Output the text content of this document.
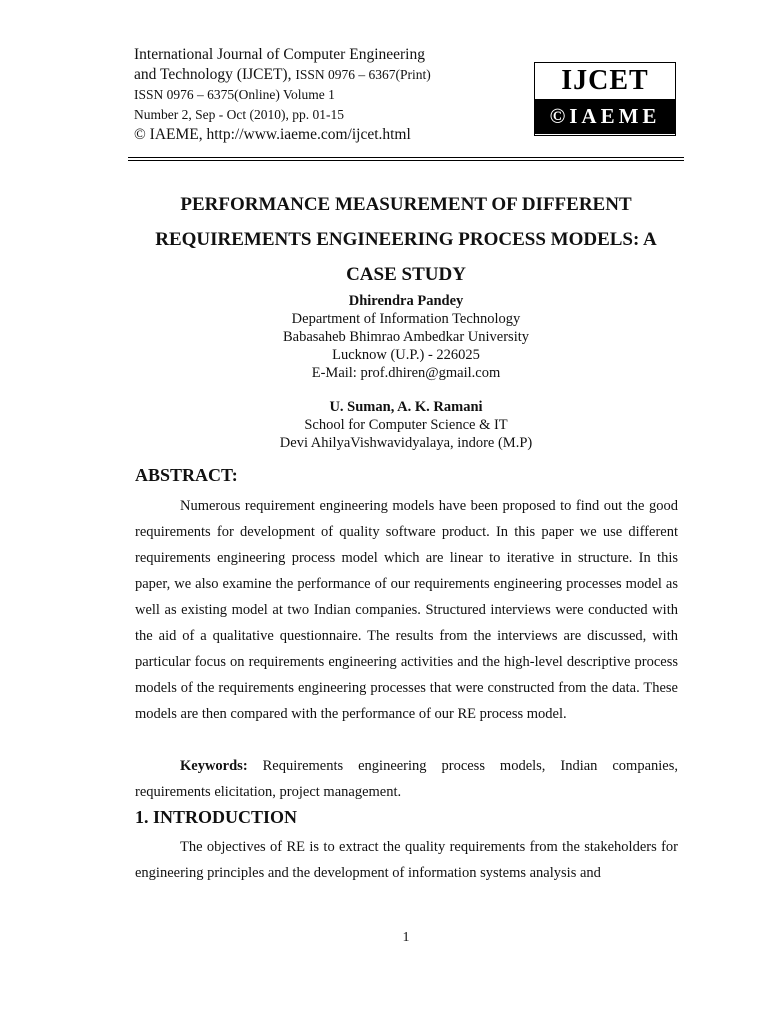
International Journal of Computer Engineering
and Technology (IJCET), ISSN 0976 – 6367(Print)
ISSN 0976 – 6375(Online) Volume 1
Number 2, Sep - Oct (2010), pp. 01-15
© IAEME, http://www.iaeme.com/ijcet.html
IJCET
©IAEME
PERFORMANCE MEASUREMENT OF DIFFERENT
REQUIREMENTS ENGINEERING PROCESS MODELS: A
CASE STUDY
Dhirendra Pandey
Department of Information Technology
Babasaheb Bhimrao Ambedkar University
Lucknow (U.P.) - 226025
E-Mail: prof.dhiren@gmail.com
U. Suman, A. K. Ramani
School for Computer Science & IT
Devi AhilyaVishwavidyalaya, indore (M.P)
ABSTRACT:
Numerous requirement engineering models have been proposed to find out the good requirements for development of quality software product. In this paper we use different requirements engineering process model which are linear to iterative in structure. In this paper, we also examine the performance of our requirements engineering processes model as well as existing model at two Indian companies. Structured interviews were conducted with the aid of a qualitative questionnaire. The results from the interviews are discussed, with particular focus on requirements engineering activities and the high-level descriptive process models of the requirements engineering processes that were constructed from the data. These models are then compared with the performance of our RE process model.
Keywords: Requirements engineering process models, Indian companies, requirements elicitation, project management.
1. INTRODUCTION
The objectives of RE is to extract the quality requirements from the stakeholders for engineering principles and the development of information systems analysis and
1
